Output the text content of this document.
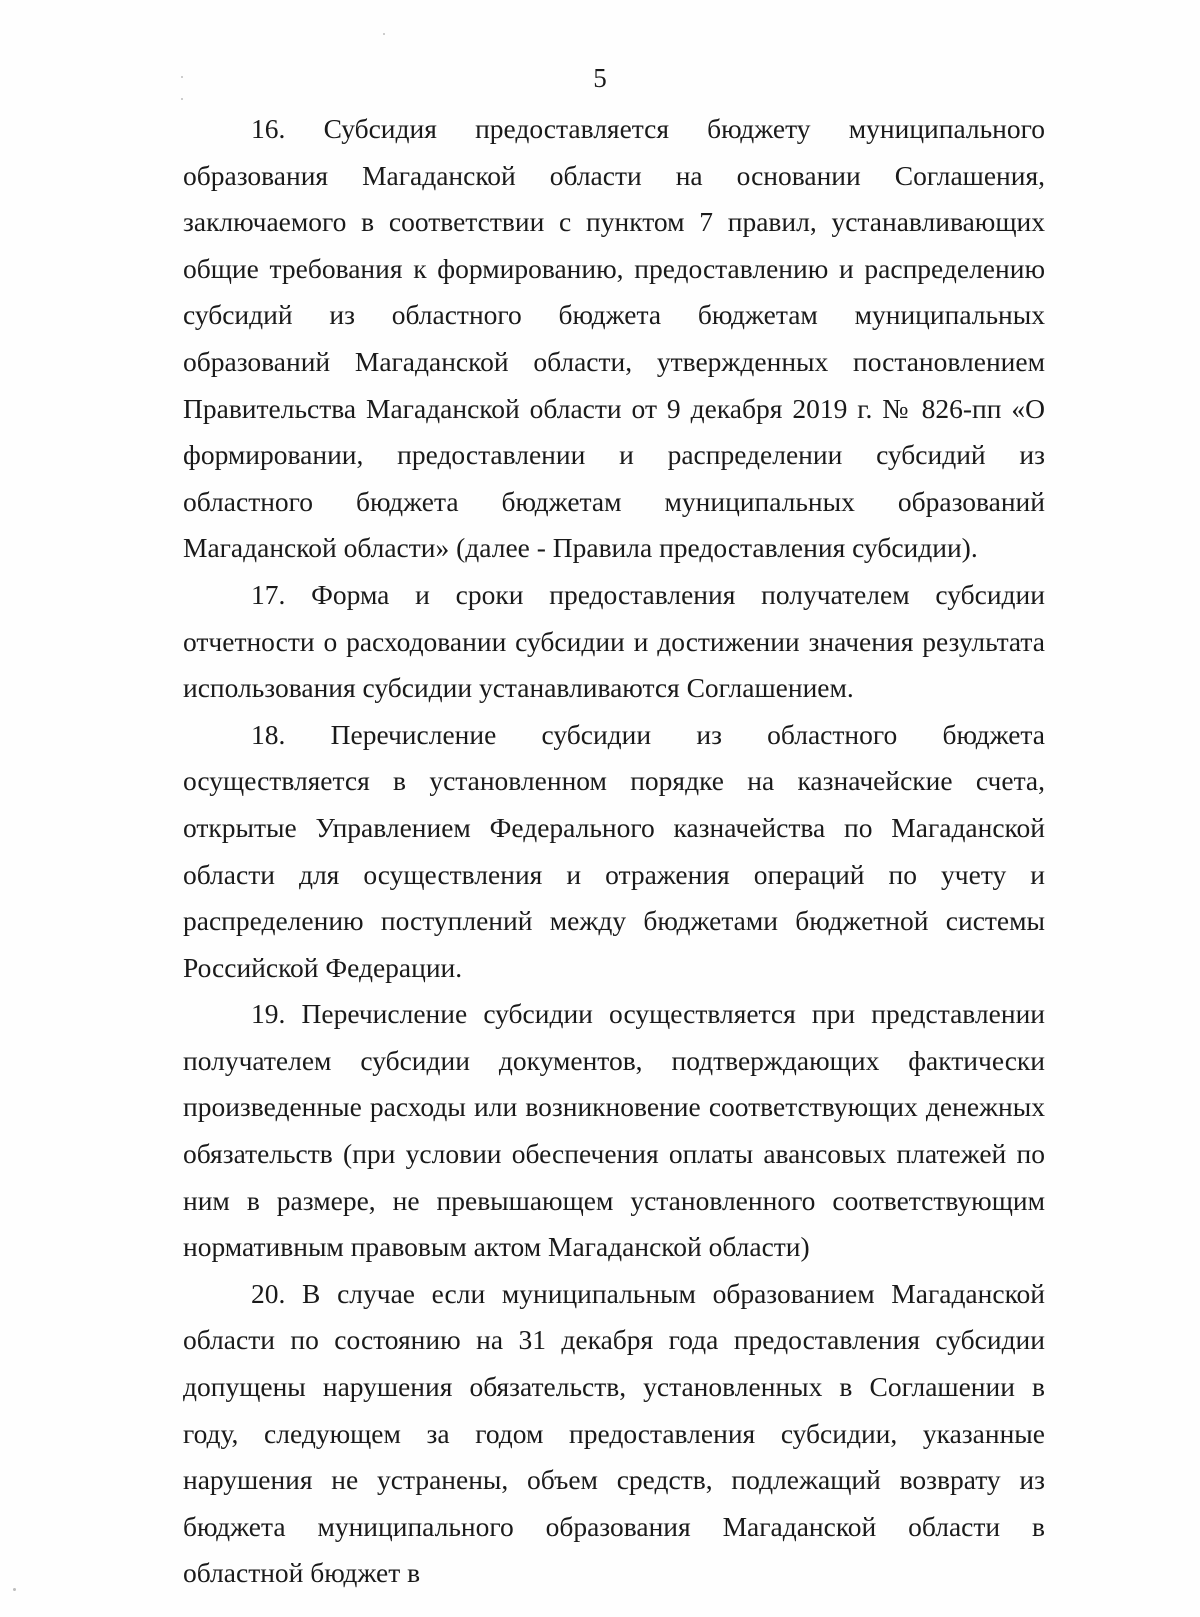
5

16. Субсидия предоставляется бюджету муниципального образования Магаданской области на основании Соглашения, заключаемого в соответствии с пунктом 7 правил, устанавливающих общие требования к формированию, предоставлению и распределению субсидий из областного бюджета бюджетам муниципальных образований Магаданской области, утвержденных постановлением Правительства Магаданской области от 9 декабря 2019 г. № 826-пп «О формировании, предоставлении и распределении субсидий из областного бюджета бюджетам муниципальных образований Магаданской области» (далее - Правила предоставления субсидии).

17. Форма и сроки предоставления получателем субсидии отчетности о расходовании субсидии и достижении значения результата использования субсидии устанавливаются Соглашением.

18. Перечисление субсидии из областного бюджета осуществляется в установленном порядке на казначейские счета, открытые Управлением Федерального казначейства по Магаданской области для осуществления и отражения операций по учету и распределению поступлений между бюджетами бюджетной системы Российской Федерации.

19. Перечисление субсидии осуществляется при представлении получателем субсидии документов, подтверждающих фактически произведенные расходы или возникновение соответствующих денежных обязательств (при условии обеспечения оплаты авансовых платежей по ним в размере, не превышающем установленного соответствующим нормативным правовым актом Магаданской области)

20. В случае если муниципальным образованием Магаданской области по состоянию на 31 декабря года предоставления субсидии допущены нарушения обязательств, установленных в Соглашении в году, следующем за годом предоставления субсидии, указанные нарушения не устранены, объем средств, подлежащий возврату из бюджета муниципального образования Магаданской области в областной бюджет в
